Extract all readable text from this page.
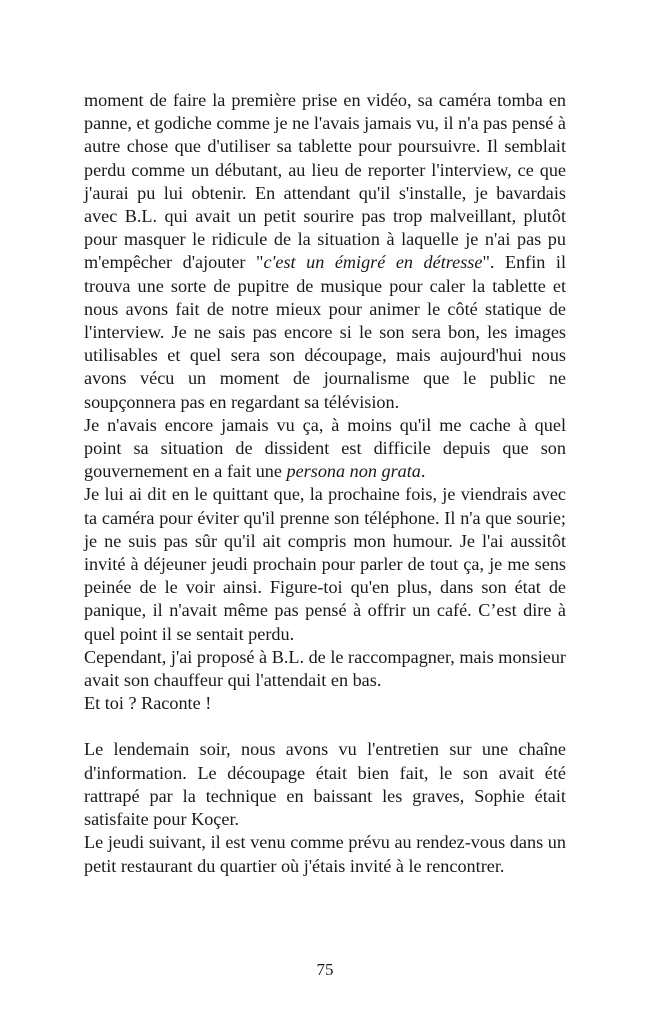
moment de faire la première prise en vidéo, sa caméra tomba en panne, et godiche comme je ne l'avais jamais vu, il n'a pas pensé à autre chose que d'utiliser sa tablette pour poursuivre. Il semblait perdu comme un débutant, au lieu de reporter l'interview, ce que j'aurai pu lui obtenir. En attendant qu'il s'installe, je bavardais avec B.L. qui avait un petit sourire pas trop malveillant, plutôt pour masquer le ridicule de la situation à laquelle je n'ai pas pu m'empêcher d'ajouter "c'est un émigré en détresse". Enfin il trouva une sorte de pupitre de musique pour caler la tablette et nous avons fait de notre mieux pour animer le côté statique de l'interview. Je ne sais pas encore si le son sera bon, les images utilisables et quel sera son découpage, mais aujourd'hui nous avons vécu un moment de journalisme que le public ne soupçonnera pas en regardant sa télévision.

Je n'avais encore jamais vu ça, à moins qu'il me cache à quel point sa situation de dissident est difficile depuis que son gouvernement en a fait une persona non grata.

Je lui ai dit en le quittant que, la prochaine fois, je viendrais avec ta caméra pour éviter qu'il prenne son téléphone. Il n'a que sourie; je ne suis pas sûr qu'il ait compris mon humour. Je l'ai aussitôt invité à déjeuner jeudi prochain pour parler de tout ça, je me sens peinée de le voir ainsi. Figure-toi qu'en plus, dans son état de panique, il n'avait même pas pensé à offrir un café. C’est dire à quel point il se sentait perdu.

Cependant, j'ai proposé à B.L. de le raccompagner, mais monsieur avait son chauffeur qui l'attendait en bas.

Et toi ? Raconte !

Le lendemain soir, nous avons vu l'entretien sur une chaîne d'information. Le découpage était bien fait, le son avait été rattrapé par la technique en baissant les graves, Sophie était satisfaite pour Koçer.

Le jeudi suivant, il est venu comme prévu au rendez-vous dans un petit restaurant du quartier où j'étais invité à le rencontrer.

75
